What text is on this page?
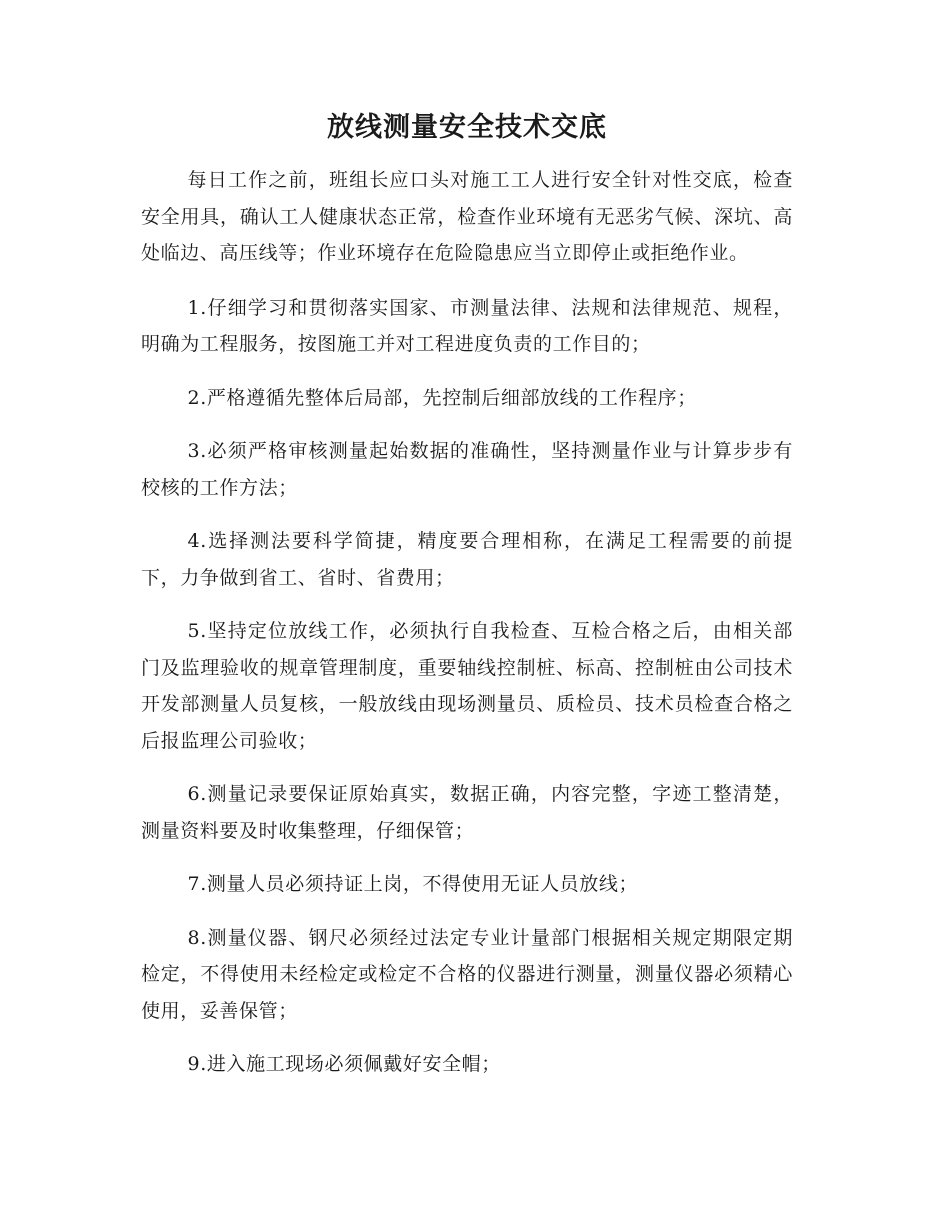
放线测量安全技术交底

每日工作之前，班组长应口头对施工工人进行安全针对性交底，检查安全用具，确认工人健康状态正常，检查作业环境有无恶劣气候、深坑、高处临边、高压线等；作业环境存在危险隐患应当立即停止或拒绝作业。

1.仔细学习和贯彻落实国家、市测量法律、法规和法律规范、规程，明确为工程服务，按图施工并对工程进度负责的工作目的；

2.严格遵循先整体后局部，先控制后细部放线的工作程序；

3.必须严格审核测量起始数据的准确性，坚持测量作业与计算步步有校核的工作方法；

4.选择测法要科学简捷，精度要合理相称，在满足工程需要的前提下，力争做到省工、省时、省费用；

5.坚持定位放线工作，必须执行自我检查、互检合格之后，由相关部门及监理验收的规章管理制度，重要轴线控制桩、标高、控制桩由公司技术开发部测量人员复核，一般放线由现场测量员、质检员、技术员检查合格之后报监理公司验收；

6.测量记录要保证原始真实，数据正确，内容完整，字迹工整清楚，测量资料要及时收集整理，仔细保管；

7.测量人员必须持证上岗，不得使用无证人员放线；

8.测量仪器、钢尺必须经过法定专业计量部门根据相关规定期限定期检定，不得使用未经检定或检定不合格的仪器进行测量，测量仪器必须精心使用，妥善保管；

9.进入施工现场必须佩戴好安全帽；
